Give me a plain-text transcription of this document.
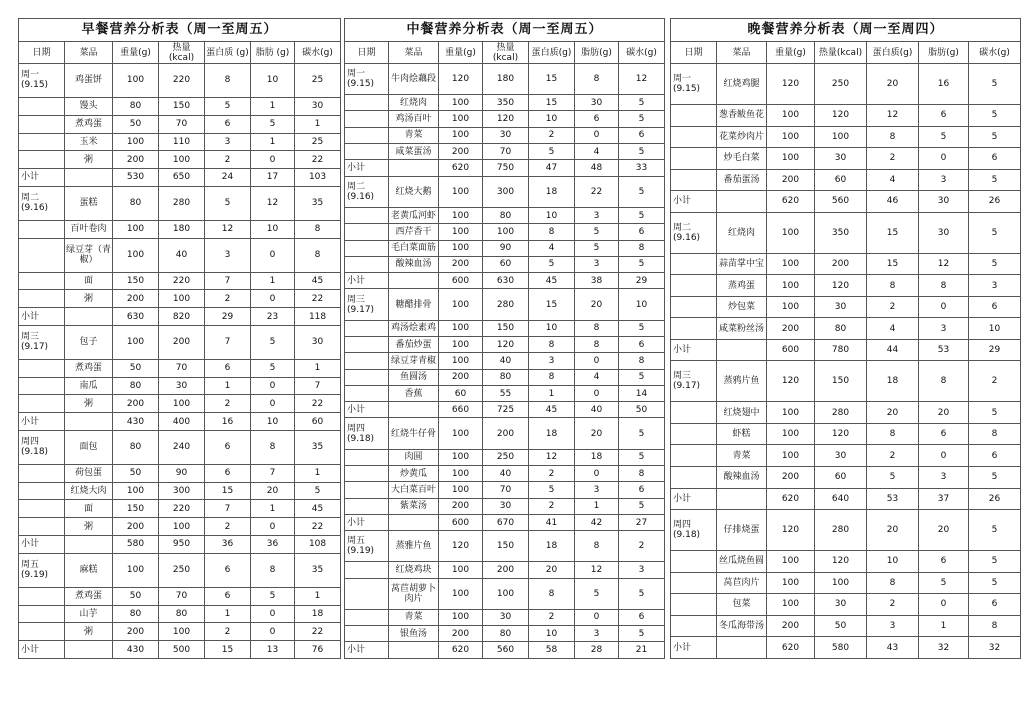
早餐营养分析表（周一至周五）						
日期	菜品	重量(g)	热量(kcal)	蛋白质 (g)	脂肪 (g)	碳水(g)
周一(9.15)	鸡蛋饼	100	220	8	10	25
	馒头	80	150	5	1	30
	煮鸡蛋	50	70	6	5	1
	玉米	100	110	3	1	25
	粥	200	100	2	0	22
小计		530	650	24	17	103
周二(9.16)	蛋糕	80	280	5	12	35
	百叶卷肉	100	180	12	10	8
	绿豆芽（青椒）	100	40	3	0	8
	面	150	220	7	1	45
	粥	200	100	2	0	22
小计		630	820	29	23	118
周三(9.17)	包子	100	200	7	5	30
	煮鸡蛋	50	70	6	5	1
	南瓜	80	30	1	0	7
	粥	200	100	2	0	22
小计		430	400	16	10	60
周四(9.18)	面包	80	240	6	8	35
	荷包蛋	50	90	6	7	1
	红烧大肉	100	300	15	20	5
	面	150	220	7	1	45
	粥	200	100	2	0	22
小计		580	950	36	36	108
周五(9.19)	麻糕	100	250	6	8	35
	煮鸡蛋	50	70	6	5	1
	山芋	80	80	1	0	18
	粥	200	100	2	0	22
小计		430	500	15	13	76
中餐营养分析表（周一至周五）						
日期	菜品	重量(g)	热量(kcal)	蛋白质(g)	脂肪(g)	碳水(g)
周一(9.15)	牛肉烩藕段	120	180	15	8	12
	红烧肉	100	350	15	30	5
	鸡汤百叶	100	120	10	6	5
	青菜	100	30	2	0	6
	咸菜蛋汤	200	70	5	4	5
小计		620	750	47	48	33
周二(9.16)	红烧大鹅	100	300	18	22	5
	老黄瓜河虾	100	80	10	3	5
	西芹香干	100	100	8	5	6
	毛白菜面筋	100	90	4	5	8
	酸辣血汤	200	60	5	3	5
小计		600	630	45	38	29
周三(9.17)	糖醋排骨	100	280	15	20	10
	鸡汤烩素鸡	100	150	10	8	5
	番茄炒蛋	100	120	8	8	6
	绿豆芽青椒	100	40	3	0	8
	鱼圆汤	200	80	8	4	5
	香蕉	60	55	1	0	14
小计		660	725	45	40	50
周四(9.18)	红烧牛仔骨	100	200	18	20	5
	肉圆	100	250	12	18	5
	炒黄瓜	100	40	2	0	8
	大白菜百叶	100	70	5	3	6
	紫菜汤	200	30	2	1	5
小计		600	670	41	42	27
周五(9.19)	蒸雅片鱼	120	150	18	8	2
	红烧鸡块	100	200	20	12	3
	莴苣胡萝卜肉片	100	100	8	5	5
	青菜	100	30	2	0	6
	银鱼汤	200	80	10	3	5
小计		620	560	58	28	21
晚餐营养分析表（周一至周四）						
日期	菜品	重量(g)	热量(kcal)	蛋白质(g)	脂肪(g)	碳水(g)
周一(9.15)	红烧鸡腿	120	250	20	16	5
	葱香鲅鱼花	100	120	12	6	5
	花菜炒肉片	100	100	8	5	5
	炒毛白菜	100	30	2	0	6
	番茄蛋汤	200	60	4	3	5
小计		620	560	46	30	26
周二(9.16)	红烧肉	100	350	15	30	5
	蒜苗掌中宝	100	200	15	12	5
	蒸鸡蛋	100	120	8	8	3
	炒包菜	100	30	2	0	6
	咸菜粉丝汤	200	80	4	3	10
小计		600	780	44	53	29
周三(9.17)	蒸鸦片鱼	120	150	18	8	2
	红烧翅中	100	280	20	20	5
	虾糕	100	120	8	6	8
	青菜	100	30	2	0	6
	酸辣血汤	200	60	5	3	5
小计		620	640	53	37	26
周四(9.18)	仔排烧蛋	120	280	20	20	5
	丝瓜烧鱼圆	100	120	10	6	5
	莴苣肉片	100	100	8	5	5
	包菜	100	30	2	0	6
	冬瓜海带汤	200	50	3	1	8
小计		620	580	43	32	32
